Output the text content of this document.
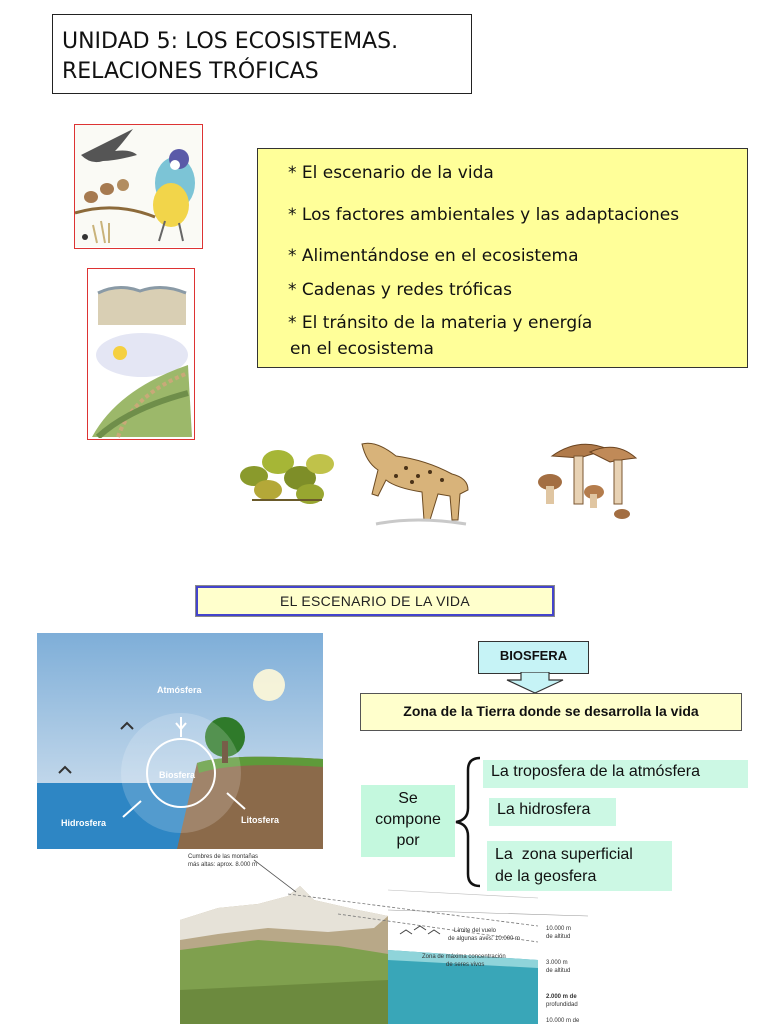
UNIDAD 5: LOS ECOSISTEMAS.
RELACIONES TRÓFICAS
* El escenario de la vida
* Los factores ambientales y las adaptaciones
* Alimentándose en el ecosistema
* Cadenas y redes tróficas
* El tránsito de la materia y energía
en el ecosistema
EL ESCENARIO DE LA VIDA
Atmósfera
Biosfera
Hidrosfera	Litosfera
BIOSFERA
Zona de la Tierra donde se desarrolla la vida
Se
compone
por
La troposfera de la atmósfera
La hidrosfera
La  zona superficial
de la geosfera
Cumbres de las montañas
más altas: aprox. 8.000 m
Límite del vuelo
de algunas aves: 10.000 m
Zona de máxima concentración
de seres vivos
10.000 m
de altitud
3.000 m
de altitud
2.000 m de
profundidad
10.000 m de
